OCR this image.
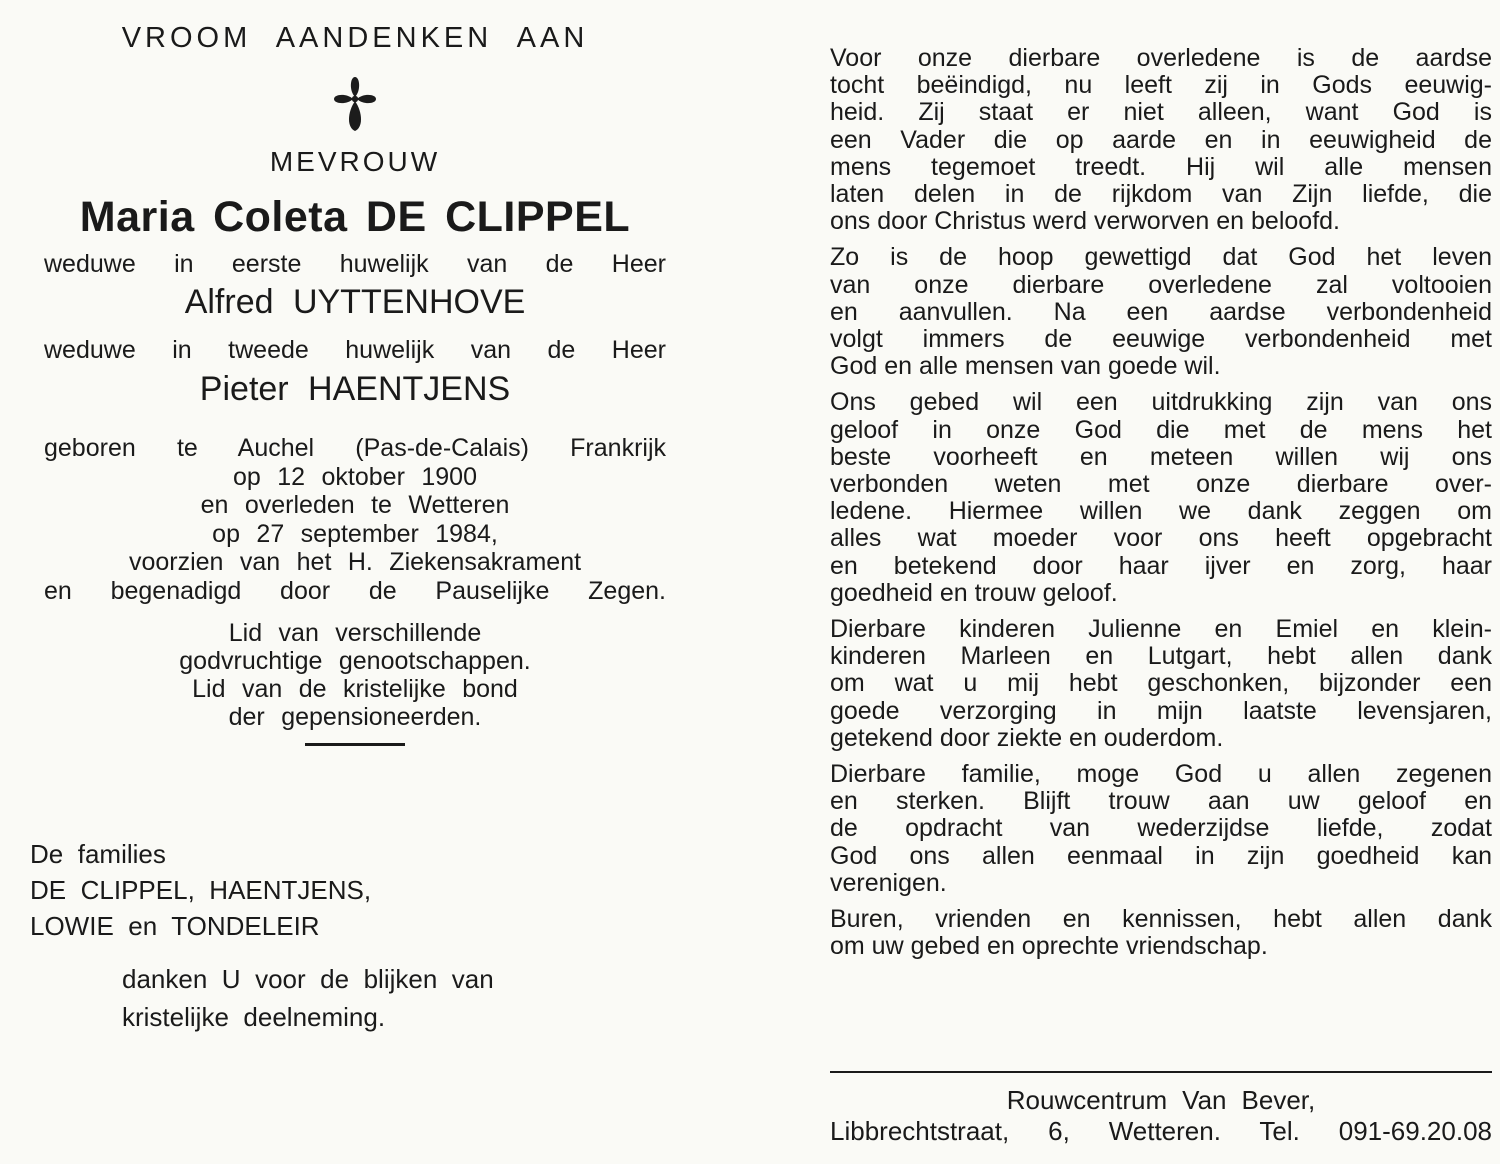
VROOM AANDENKEN AAN
MEVROUW
Maria Coleta DE CLIPPEL
weduwe in eerste huwelijk van de Heer
Alfred UYTTENHOVE
weduwe in tweede huwelijk van de Heer
Pieter HAENTJENS
geboren te Auchel (Pas-de-Calais) Frankrijk
op 12 oktober 1900
en overleden te Wetteren
op 27 september 1984,
voorzien van het H. Ziekensakrament
en begenadigd door de Pauselijke Zegen.
Lid van verschillende
godvruchtige genootschappen.
Lid van de kristelijke bond
der gepensioneerden.
De families
DE CLIPPEL, HAENTJENS,
LOWIE en TONDELEIR
danken U voor de blijken van
kristelijke deelneming.
Voor onze dierbare overledene is de aardse
tocht beëindigd, nu leeft zij in Gods eeuwig-
heid. Zij staat er niet alleen, want God is
een Vader die op aarde en in eeuwigheid de
mens tegemoet treedt. Hij wil alle mensen
laten delen in de rijkdom van Zijn liefde, die
ons door Christus werd verworven en beloofd.
Zo is de hoop gewettigd dat God het leven
van onze dierbare overledene zal voltooien
en aanvullen. Na een aardse verbondenheid
volgt immers de eeuwige verbondenheid met
God en alle mensen van goede wil.
Ons gebed wil een uitdrukking zijn van ons
geloof in onze God die met de mens het
beste voorheeft en meteen willen wij ons
verbonden weten met onze dierbare over-
ledene. Hiermee willen we dank zeggen om
alles wat moeder voor ons heeft opgebracht
en betekend door haar ijver en zorg, haar
goedheid en trouw geloof.
Dierbare kinderen Julienne en Emiel en klein-
kinderen Marleen en Lutgart, hebt allen dank
om wat u mij hebt geschonken, bijzonder een
goede verzorging in mijn laatste levensjaren,
getekend door ziekte en ouderdom.
Dierbare familie, moge God u allen zegenen
en sterken. Blijft trouw aan uw geloof en
de opdracht van wederzijdse liefde, zodat
God ons allen eenmaal in zijn goedheid kan
verenigen.
Buren, vrienden en kennissen, hebt allen dank
om uw gebed en oprechte vriendschap.
Rouwcentrum Van Bever,
Libbrechtstraat, 6, Wetteren. Tel. 091-69.20.08
